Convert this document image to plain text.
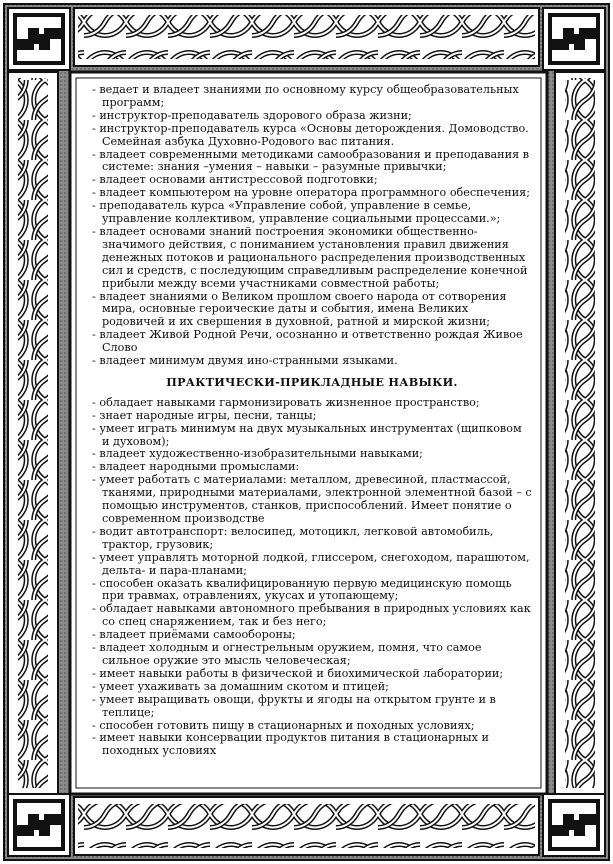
- ведает и владеет знаниями по основному курсу общеобразовательных программ;
- инструктор-преподаватель здорового образа жизни;
- инструктор-преподаватель курса «Основы деторождения. Домоводство. Семейная азбука Духовно-Родового вас питания.
- владеет современными методиками самообразования и преподавания в системе: знания –умения – навыки – разумные привычки;
- владеет основами антистрессовой подготовки;
- владеет компьютером на уровне оператора программного обеспечения;
- преподаватель курса «Управление собой, управление в семье, управление коллективом, управление социальными процессами.»;
- владеет основами знаний построения экономики общественно-значимого действия, с пониманием установления правил движения денежных потоков и рационального распределения производственных сил и средств, с последующим справедливым распределение конечной прибыли между всеми участниками совместной работы;
- владеет знаниями о Великом прошлом своего народа от сотворения мира, основные героические даты и события, имена Великих родовичей и их свершения в духовной, ратной и мирской жизни;
- владеет Живой Родной Речи, осознанно и ответственно рождая Живое Слово
- владеет минимум двумя ино-странными языками.
ПРАКТИЧЕСКИ-ПРИКЛАДНЫЕ НАВЫКИ.
- обладает навыками гармонизировать жизненное пространство;
- знает народные игры, песни, танцы;
- умеет играть минимум на двух музыкальных инструментах (щипковом и духовом);
- владеет художественно-изобразительными навыками;
- владеет народными промыслами:
- умеет работать с материалами: металлом, древесиной, пластмассой, тканями, природными материалами, электронной элементной базой – с помощью инструментов, станков, приспособлений. Имеет понятие о современном производстве
- водит автотранспорт: велосипед, мотоцикл, легковой автомобиль, трактор, грузовик;
- умеет управлять моторной лодкой, глиссером, снегоходом, парашютом, дельта- и пара-планами;
- способен оказать квалифицированную первую медицинскую помощь при травмах, отравлениях, укусах и утопающему;
- обладает навыками автономного пребывания в природных условиях как со спец снаряжением, так и без него;
- владеет приёмами самообороны;
- владеет холодным и огнестрельным оружием, помня, что самое сильное оружие это мысль человеческая;
- имеет навыки работы в физической и биохимической лаборатории;
- умеет ухаживать за домашним скотом и птицей;
- умеет выращивать овощи, фрукты и ягоды на открытом грунте и в теплице;
- способен готовить пищу в стационарных и походных условиях;
- имеет навыки консервации продуктов питания в стационарных и походных условиях
